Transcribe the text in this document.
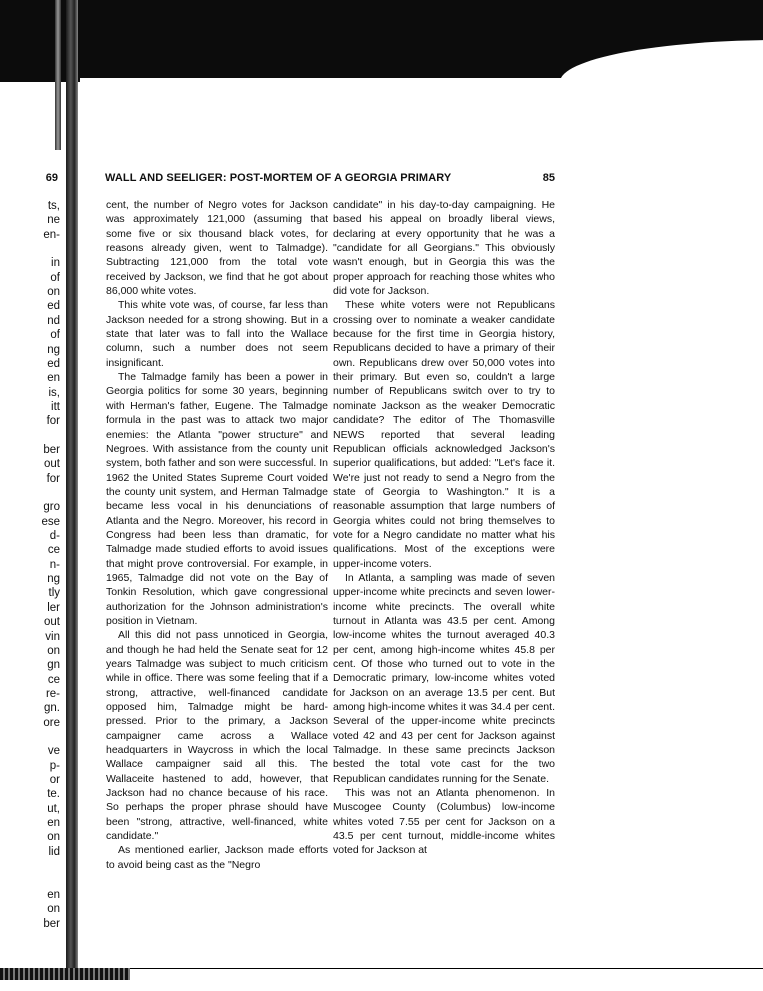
69
ts,
ne
en-
in
of
on
ed
nd
of
ng
ed
en
is,
itt
for
ber
out
for
gro
ese
d-
ce
n-
ng
tly
ler
out
vin
on
gn
ce
re-
gn.
ore
ve
p-
or
te.
ut,
en
on
lid
en
on
ber
WALL AND SEELIGER: POST-MORTEM OF A GEORGIA PRIMARY	85

cent, the number of Negro votes for Jackson was approximately 121,000 (assuming that some five or six thousand black votes, for reasons already given, went to Talmadge). Subtracting 121,000 from the total vote received by Jackson, we find that he got about 86,000 white votes.

This white vote was, of course, far less than Jackson needed for a strong showing. But in a state that later was to fall into the Wallace column, such a number does not seem insignificant.

The Talmadge family has been a power in Georgia politics for some 30 years, beginning with Herman's father, Eugene. The Talmadge formula in the past was to attack two major enemies: the Atlanta "power structure" and Negroes. With assistance from the county unit system, both father and son were successful. In 1962 the United States Supreme Court voided the county unit system, and Herman Talmadge became less vocal in his denunciations of Atlanta and the Negro. Moreover, his record in Congress had been less than dramatic, for Talmadge made studied efforts to avoid issues that might prove controversial. For example, in 1965, Talmadge did not vote on the Bay of Tonkin Resolution, which gave congressional authorization for the Johnson administration's position in Vietnam.

All this did not pass unnoticed in Georgia, and though he had held the Senate seat for 12 years Talmadge was subject to much criticism while in office. There was some feeling that if a strong, attractive, well-financed candidate opposed him, Talmadge might be hard-pressed. Prior to the primary, a Jackson campaigner came across a Wallace headquarters in Waycross in which the local Wallace campaigner said all this. The Wallaceite hastened to add, however, that Jackson had no chance because of his race. So perhaps the proper phrase should have been "strong, attractive, well-financed, white candidate."

As mentioned earlier, Jackson made efforts to avoid being cast as the "Negro

candidate" in his day-to-day campaigning. He based his appeal on broadly liberal views, declaring at every opportunity that he was a "candidate for all Georgians." This obviously wasn't enough, but in Georgia this was the proper approach for reaching those whites who did vote for Jackson.

These white voters were not Republicans crossing over to nominate a weaker candidate because for the first time in Georgia history, Republicans decided to have a primary of their own. Republicans drew over 50,000 votes into their primary. But even so, couldn't a large number of Republicans switch over to try to nominate Jackson as the weaker Democratic candidate? The editor of The Thomasville NEWS reported that several leading Republican officials acknowledged Jackson's superior qualifications, but added: "Let's face it. We're just not ready to send a Negro from the state of Georgia to Washington." It is a reasonable assumption that large numbers of Georgia whites could not bring themselves to vote for a Negro candidate no matter what his qualifications. Most of the exceptions were upper-income voters.

In Atlanta, a sampling was made of seven upper-income white precincts and seven lower-income white precincts. The overall white turnout in Atlanta was 43.5 per cent. Among low-income whites the turnout averaged 40.3 per cent, among high-income whites 45.8 per cent. Of those who turned out to vote in the Democratic primary, low-income whites voted for Jackson on an average 13.5 per cent. But among high-income whites it was 34.4 per cent. Several of the upper-income white precincts voted 42 and 43 per cent for Jackson against Talmadge. In these same precincts Jackson bested the total vote cast for the two Republican candidates running for the Senate.

This was not an Atlanta phenomenon. In Muscogee County (Columbus) low-income whites voted 7.55 per cent for Jackson on a 43.5 per cent turnout, middle-income whites voted for Jackson at
